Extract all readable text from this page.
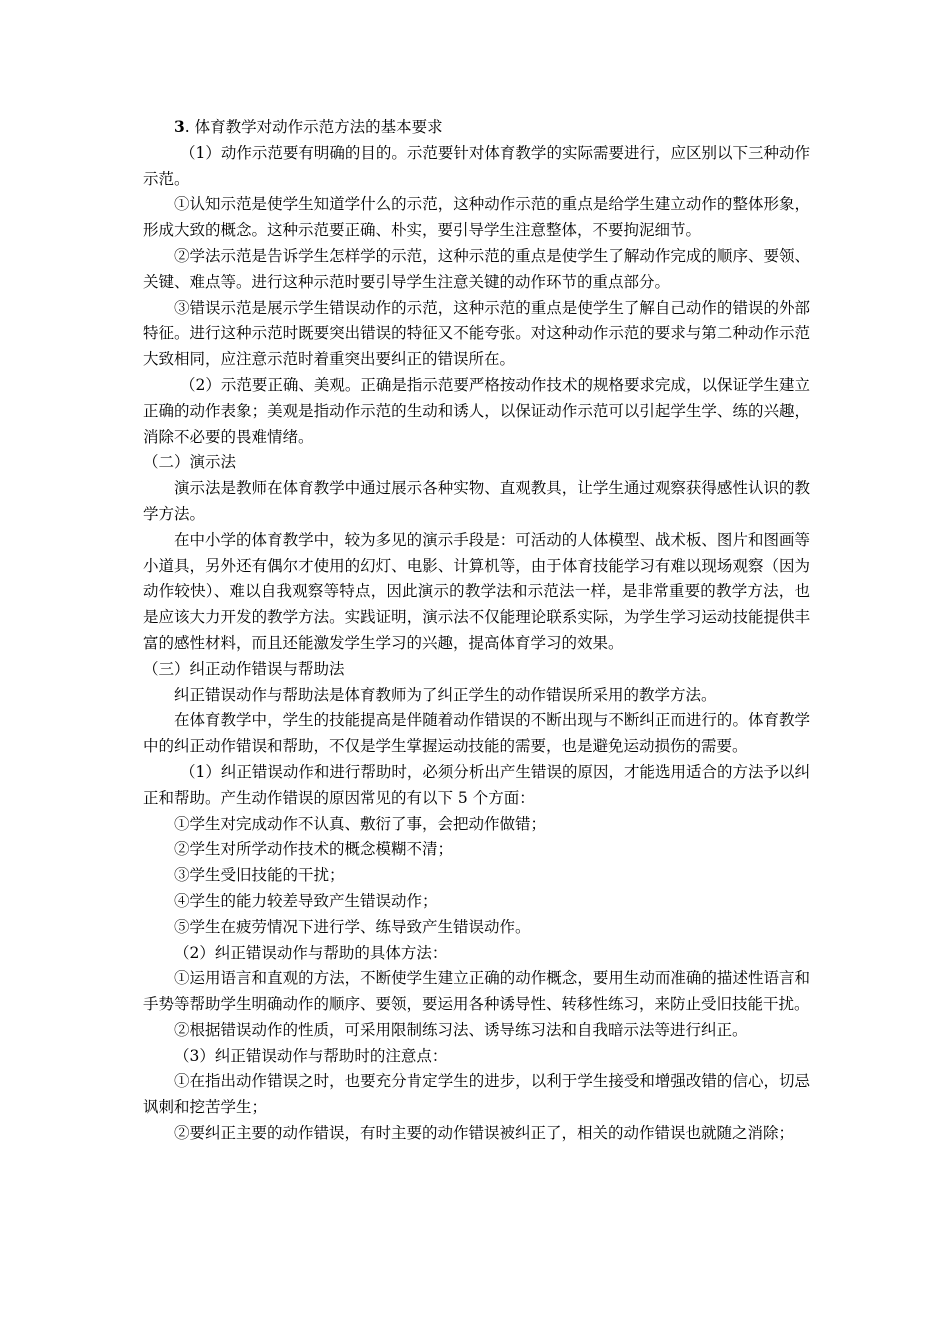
3. 体育教学对动作示范方法的基本要求

（1）动作示范要有明确的目的。示范要针对体育教学的实际需要进行，应区别以下三种动作示范。

①认知示范是使学生知道学什么的示范，这种动作示范的重点是给学生建立动作的整体形象，形成大致的概念。这种示范要正确、朴实，要引导学生注意整体，不要拘泥细节。

②学法示范是告诉学生怎样学的示范，这种示范的重点是使学生了解动作完成的顺序、要领、关键、难点等。进行这种示范时要引导学生注意关键的动作环节的重点部分。

③错误示范是展示学生错误动作的示范，这种示范的重点是使学生了解自己动作的错误的外部特征。进行这种示范时既要突出错误的特征又不能夸张。对这种动作示范的要求与第二种动作示范大致相同，应注意示范时着重突出要纠正的错误所在。

（2）示范要正确、美观。正确是指示范要严格按动作技术的规格要求完成，以保证学生建立正确的动作表象；美观是指动作示范的生动和诱人，以保证动作示范可以引起学生学、练的兴趣，消除不必要的畏难情绪。

（二）演示法

演示法是教师在体育教学中通过展示各种实物、直观教具，让学生通过观察获得感性认识的教学方法。

在中小学的体育教学中，较为多见的演示手段是：可活动的人体模型、战术板、图片和图画等小道具，另外还有偶尔才使用的幻灯、电影、计算机等，由于体育技能学习有难以现场观察（因为动作较快）、难以自我观察等特点，因此演示的教学法和示范法一样，是非常重要的教学方法，也是应该大力开发的教学方法。实践证明，演示法不仅能理论联系实际，为学生学习运动技能提供丰富的感性材料，而且还能激发学生学习的兴趣，提高体育学习的效果。

（三）纠正动作错误与帮助法

纠正错误动作与帮助法是体育教师为了纠正学生的动作错误所采用的教学方法。

在体育教学中，学生的技能提高是伴随着动作错误的不断出现与不断纠正而进行的。体育教学中的纠正动作错误和帮助，不仅是学生掌握运动技能的需要，也是避免运动损伤的需要。

（1）纠正错误动作和进行帮助时，必须分析出产生错误的原因，才能选用适合的方法予以纠正和帮助。产生动作错误的原因常见的有以下 5 个方面：

①学生对完成动作不认真、敷衍了事，会把动作做错；

②学生对所学动作技术的概念模糊不清；

③学生受旧技能的干扰；

④学生的能力较差导致产生错误动作；

⑤学生在疲劳情况下进行学、练导致产生错误动作。

（2）纠正错误动作与帮助的具体方法：

①运用语言和直观的方法，不断使学生建立正确的动作概念，要用生动而准确的描述性语言和手势等帮助学生明确动作的顺序、要领，要运用各种诱导性、转移性练习，来防止受旧技能干扰。

②根据错误动作的性质，可采用限制练习法、诱导练习法和自我暗示法等进行纠正。

（3）纠正错误动作与帮助时的注意点：

①在指出动作错误之时，也要充分肯定学生的进步，以利于学生接受和增强改错的信心，切忌讽刺和挖苦学生；

②要纠正主要的动作错误，有时主要的动作错误被纠正了，相关的动作错误也就随之消除；
